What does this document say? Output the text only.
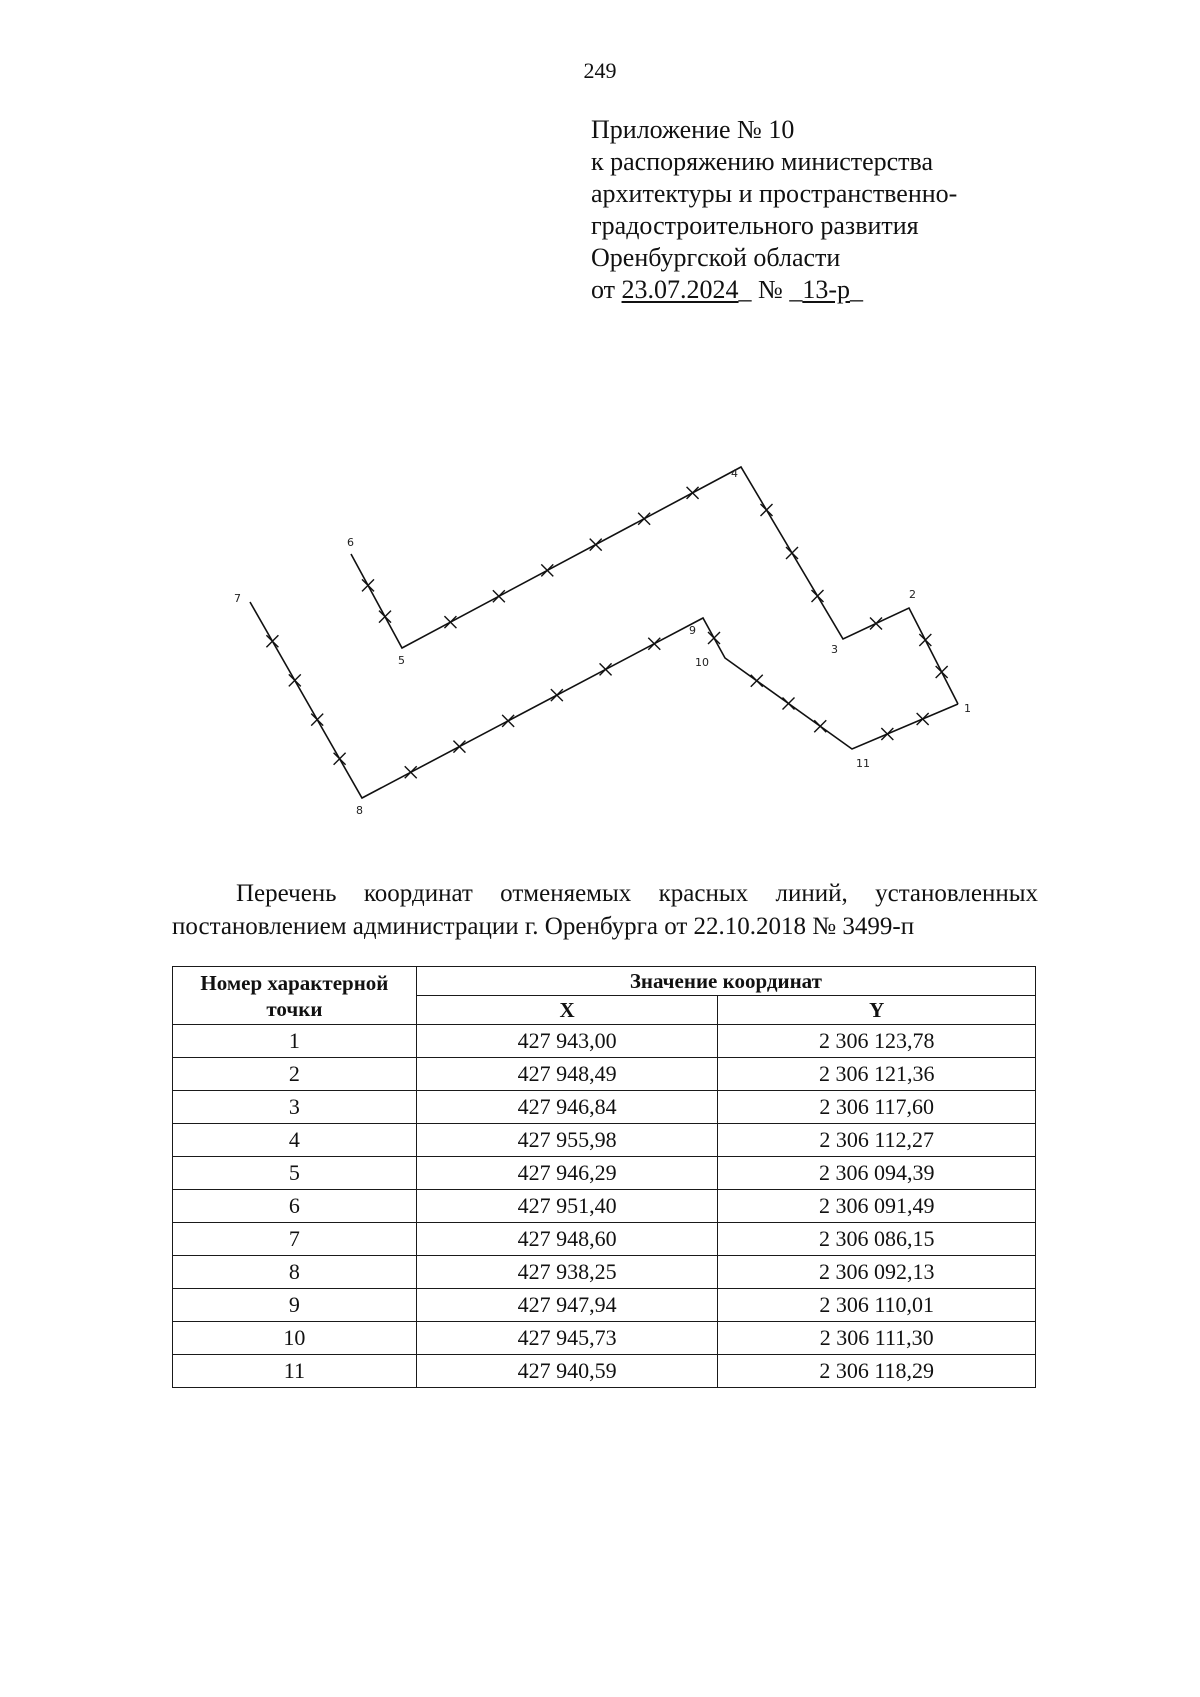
249
Приложение № 10
к распоряжению министерства
архитектуры и пространственно-
градостроительного развития
Оренбургской области
от 23.07.2024_ № _13-р_
1
2
3
4
5
6
7
8
9
10
11
Перечень координат отменяемых красных линий, установленных постановлением администрации г. Оренбурга от 22.10.2018 № 3499-п
Номер характерной точки	Значение координат	
	X	Y
1	427 943,00	2 306 123,78
2	427 948,49	2 306 121,36
3	427 946,84	2 306 117,60
4	427 955,98	2 306 112,27
5	427 946,29	2 306 094,39
6	427 951,40	2 306 091,49
7	427 948,60	2 306 086,15
8	427 938,25	2 306 092,13
9	427 947,94	2 306 110,01
10	427 945,73	2 306 111,30
11	427 940,59	2 306 118,29
